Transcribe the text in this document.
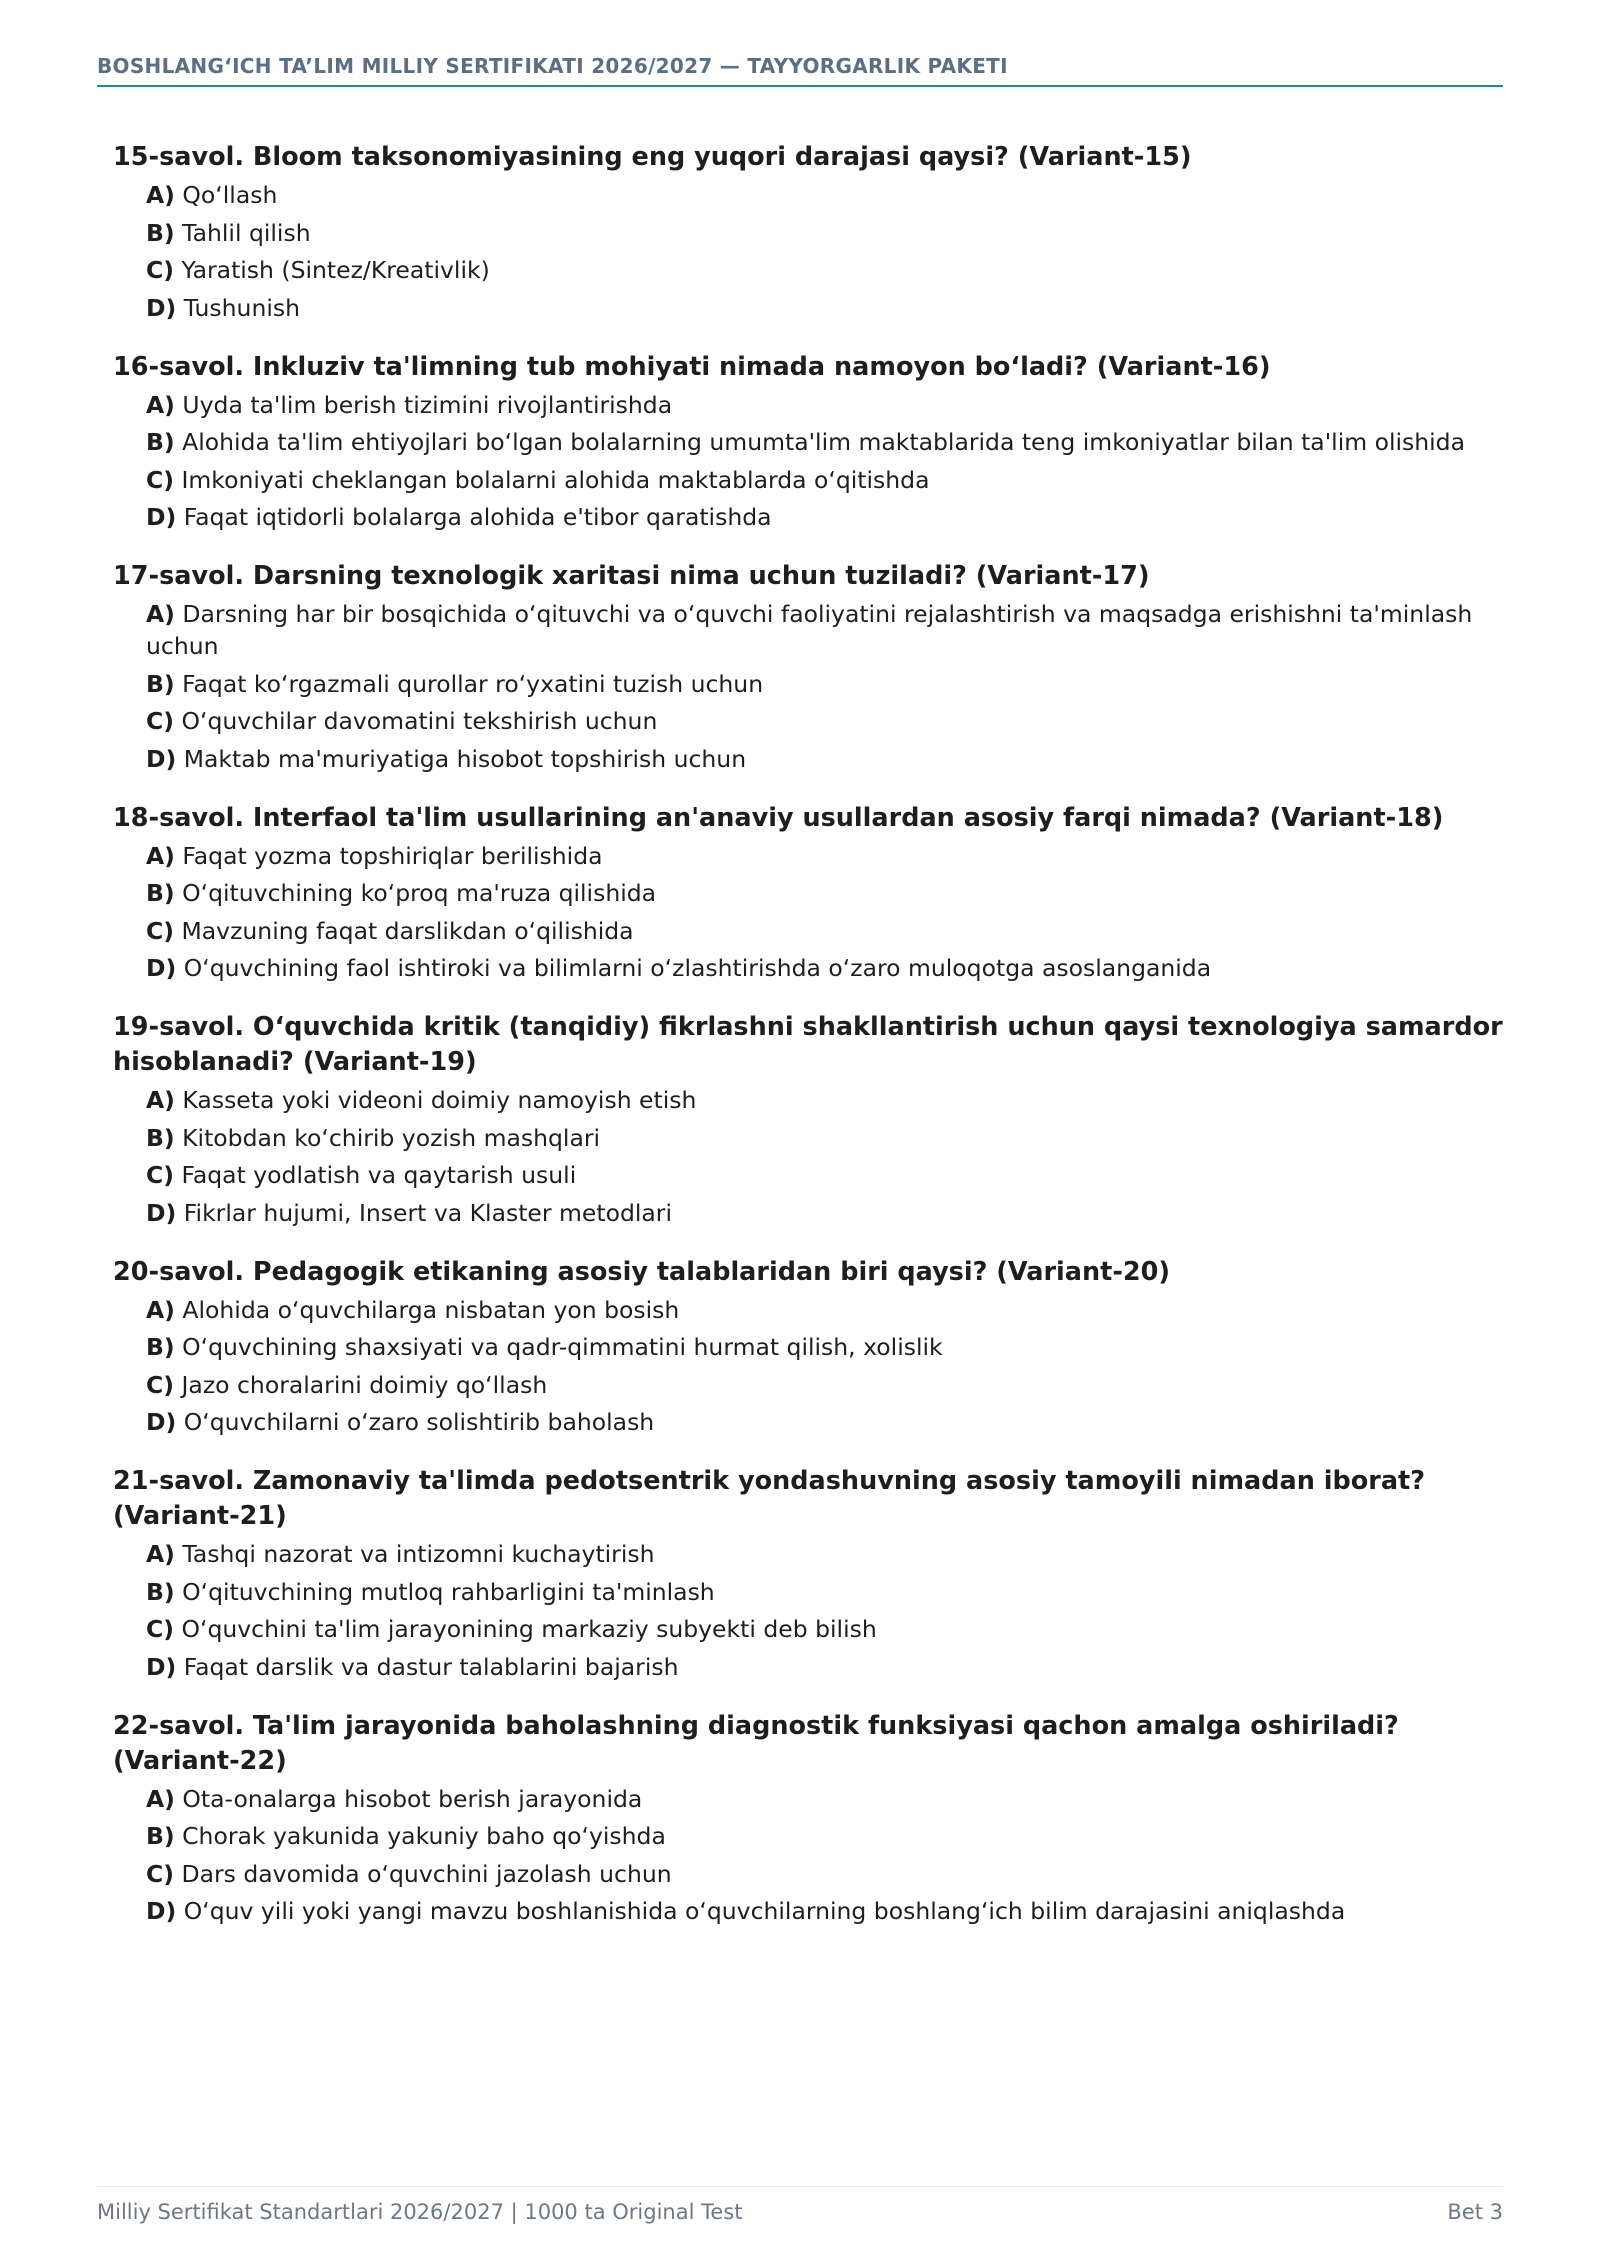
BOSHLANG‘ICH TA’LIM MILLIY SERTIFIKATI 2026/2027 — TAYYORGARLIK PAKETI
15-savol. Bloom taksonomiyasining eng yuqori darajasi qaysi? (Variant-15)
A) Qo‘llash
B) Tahlil qilish
C) Yaratish (Sintez/Kreativlik)
D) Tushunish
16-savol. Inkluziv ta'limning tub mohiyati nimada namoyon bo‘ladi? (Variant-16)
A) Uyda ta'lim berish tizimini rivojlantirishda
B) Alohida ta'lim ehtiyojlari bo‘lgan bolalarning umumta'lim maktablarida teng imkoniyatlar bilan ta'lim olishida
C) Imkoniyati cheklangan bolalarni alohida maktablarda o‘qitishda
D) Faqat iqtidorli bolalarga alohida e'tibor qaratishda
17-savol. Darsning texnologik xaritasi nima uchun tuziladi? (Variant-17)
A) Darsning har bir bosqichida o‘qituvchi va o‘quvchi faoliyatini rejalashtirish va maqsadga erishishni ta'minlash uchun
B) Faqat ko‘rgazmali qurollar ro‘yxatini tuzish uchun
C) O‘quvchilar davomatini tekshirish uchun
D) Maktab ma'muriyatiga hisobot topshirish uchun
18-savol. Interfaol ta'lim usullarining an'anaviy usullardan asosiy farqi nimada? (Variant-18)
A) Faqat yozma topshiriqlar berilishida
B) O‘qituvchining ko‘proq ma'ruza qilishida
C) Mavzuning faqat darslikdan o‘qilishida
D) O‘quvchining faol ishtiroki va bilimlarni o‘zlashtirishda o‘zaro muloqotga asoslanganida
19-savol. O‘quvchida kritik (tanqidiy) fikrlashni shakllantirish uchun qaysi texnologiya samardor hisoblanadi? (Variant-19)
A) Kasseta yoki videoni doimiy namoyish etish
B) Kitobdan ko‘chirib yozish mashqlari
C) Faqat yodlatish va qaytarish usuli
D) Fikrlar hujumi, Insert va Klaster metodlari
20-savol. Pedagogik etikaning asosiy talablaridan biri qaysi? (Variant-20)
A) Alohida o‘quvchilarga nisbatan yon bosish
B) O‘quvchining shaxsiyati va qadr-qimmatini hurmat qilish, xolislik
C) Jazo choralarini doimiy qo‘llash
D) O‘quvchilarni o‘zaro solishtirib baholash
21-savol. Zamonaviy ta'limda pedotsentrik yondashuvning asosiy tamoyili nimadan iborat? (Variant-21)
A) Tashqi nazorat va intizomni kuchaytirish
B) O‘qituvchining mutloq rahbarligini ta'minlash
C) O‘quvchini ta'lim jarayonining markaziy subyekti deb bilish
D) Faqat darslik va dastur talablarini bajarish
22-savol. Ta'lim jarayonida baholashning diagnostik funksiyasi qachon amalga oshiriladi? (Variant-22)
A) Ota-onalarga hisobot berish jarayonida
B) Chorak yakunida yakuniy baho qo‘yishda
C) Dars davomida o‘quvchini jazolash uchun
D) O‘quv yili yoki yangi mavzu boshlanishida o‘quvchilarning boshlang‘ich bilim darajasini aniqlashda
Milliy Sertifikat Standartlari 2026/2027 | 1000 ta Original Test	Bet 3
